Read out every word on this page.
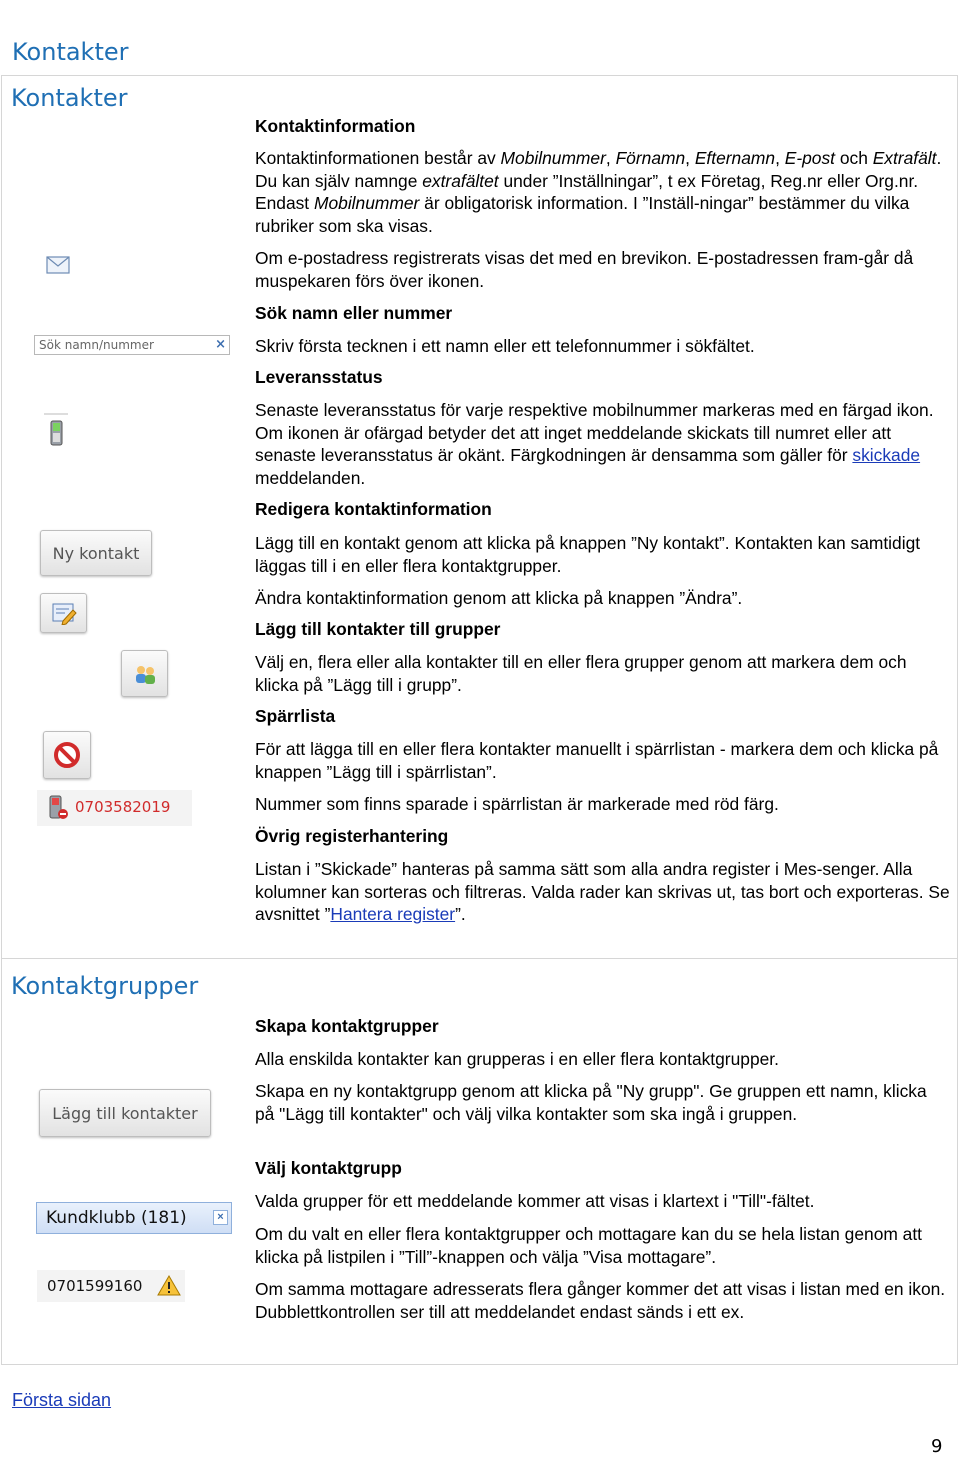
Kontakter
Kontakter
Kontaktinformation
Kontaktinformationen består av Mobilnummer, Förnamn, Efternamn, E-post och Extrafält. Du kan själv namnge extrafältet under ”Inställningar”, t ex Företag, Reg.nr eller Org.nr. Endast Mobilnummer är obligatorisk information. I ”Inställ-ningar” bestämmer du vilka rubriker som ska visas.
Om e-postadress registrerats visas det med en brevikon. E-postadressen fram-går då muspekaren förs över ikonen.
Sök namn eller nummer
Skriv första tecknen i ett namn eller ett telefonnummer i sökfältet.
Leveransstatus
Senaste leveransstatus för varje respektive mobilnummer markeras med en färgad ikon. Om ikonen är ofärgad betyder det att inget meddelande skickats till numret eller att senaste leveransstatus är okänt. Färgkodningen är densamma som gäller för skickade meddelanden.
Redigera kontaktinformation
Lägg till en kontakt genom att klicka på knappen ”Ny kontakt”. Kontakten kan samtidigt läggas till i en eller flera kontaktgrupper.
Ändra kontaktinformation genom att klicka på knappen ”Ändra”.
Lägg till kontakter till grupper
Välj en, flera eller alla kontakter till en eller flera grupper genom att markera dem och klicka på ”Lägg till i grupp”.
Spärrlista
För att lägga till en eller flera kontakter manuellt i spärrlistan - markera dem och klicka på knappen ”Lägg till i spärrlistan”.
Nummer som finns sparade i spärrlistan är markerade med röd färg.
Övrig registerhantering
Listan i ”Skickade” hanteras på samma sätt som alla andra register i Mes-senger. Alla kolumner kan sorteras och filtreras. Valda rader kan skrivas ut, tas bort och exporteras. Se avsnittet ”Hantera register”.
Sök namn/nummer	×
Ny kontakt
0703582019
Kontaktgrupper
Skapa kontaktgrupper
Alla enskilda kontakter kan grupperas i en eller flera kontaktgrupper.
Skapa en ny kontaktgrupp genom att klicka på "Ny grupp". Ge gruppen ett namn, klicka på "Lägg till kontakter" och välj vilka kontakter som ska ingå i gruppen.
Välj kontaktgrupp
Valda grupper för ett meddelande kommer att visas i klartext i "Till"-fältet.
Om du valt en eller flera kontaktgrupper och mottagare kan du se hela listan genom att klicka på listpilen i ”Till”-knappen och välja ”Visa mottagare”.
Om samma mottagare adresserats flera gånger kommer det att visas i listan med en ikon. Dubblettkontrollen ser till att meddelandet endast sänds i ett ex.
Lägg till kontakter
Kundklubb (181)	×
0701599160
Första sidan
9
